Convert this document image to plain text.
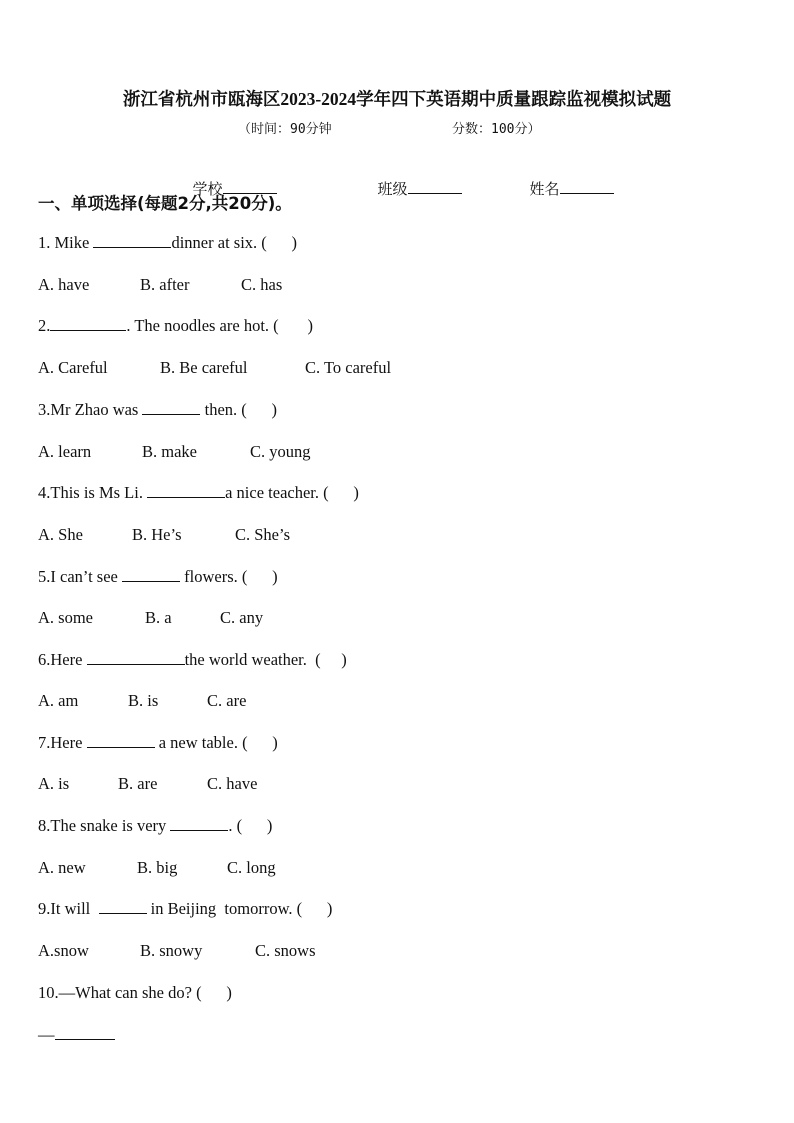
浙江省杭州市瓯海区2023-2024学年四下英语期中质量跟踪监视模拟试题
（时间：90分钟	分数：100分）

学校	班级	姓名

一、单项选择(每题2分,共20分)。
1. Mike	dinner at six. (      )
A. have	B. after	C. has
2.	. The noodles are hot. (       )
A. Careful	B. Be careful	C. To careful
3.Mr Zhao was	then. (      )
A. learn	B. make	C. young
4.This is Ms Li.	a nice teacher. (      )
A. She	B. He’s	C. She’s
5.I can’t see	flowers. (      )
A. some	B. a	C. any
6.Here	the world weather.  (     )
A. am	B. is	C. are
7.Here	a new table. (      )
A. is	B. are	C. have
8.The snake is very	. (      )
A. new	B. big	C. long
9.It will	in Beijing  tomorrow. (      )
A.snow	B. snowy	C. snows
10.—What can she do? (      )
—
